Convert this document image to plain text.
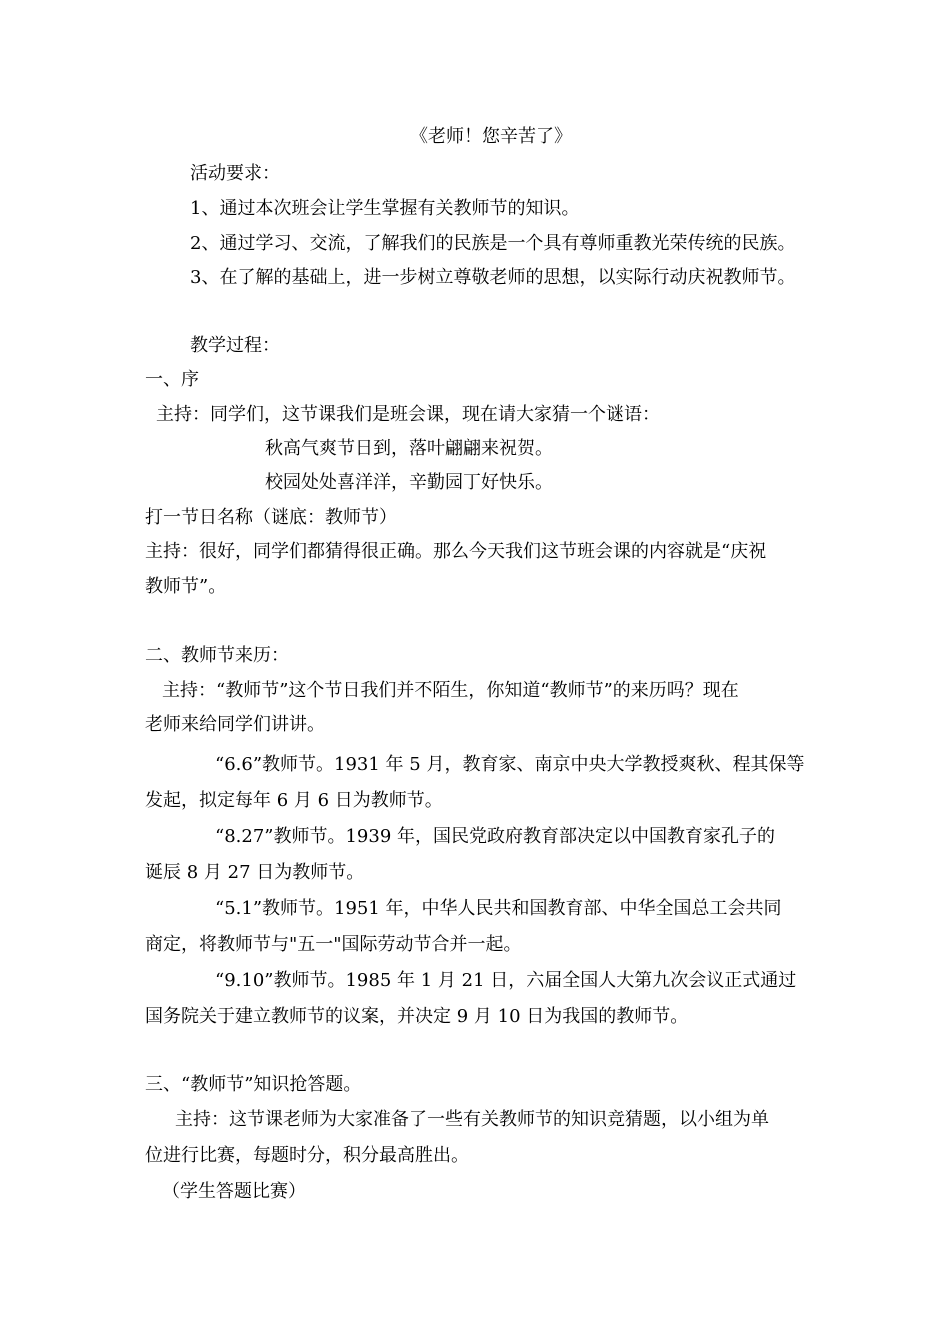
《老师！您辛苦了》
活动要求：
1、通过本次班会让学生掌握有关教师节的知识。
2、通过学习、交流，了解我们的民族是一个具有尊师重教光荣传统的民族。
3、在了解的基础上，进一步树立尊敬老师的思想，以实际行动庆祝教师节。
教学过程：
一、序
主持：同学们，这节课我们是班会课，现在请大家猜一个谜语：
秋高气爽节日到，落叶翩翩来祝贺。
校园处处喜洋洋，辛勤园丁好快乐。
打一节日名称（谜底：教师节）
主持：很好，同学们都猜得很正确。那么今天我们这节班会课的内容就是“庆祝
教师节”。
二、教师节来历：
主持：“教师节”这个节日我们并不陌生，你知道“教师节”的来历吗？现在
老师来给同学们讲讲。
“6.6”教师节。1931 年 5 月，教育家、南京中央大学教授爽秋、程其保等
发起，拟定每年 6 月 6 日为教师节。
“8.27”教师节。1939 年，国民党政府教育部决定以中国教育家孔子的
诞辰 8 月 27 日为教师节。
“5.1”教师节。1951 年，中华人民共和国教育部、中华全国总工会共同
商定，将教师节与"五一"国际劳动节合并一起。
“9.10”教师节。1985 年 1 月 21 日，六届全国人大第九次会议正式通过
国务院关于建立教师节的议案，并决定 9 月 10 日为我国的教师节。
三、“教师节”知识抢答题。
主持：这节课老师为大家准备了一些有关教师节的知识竞猜题，以小组为单
位进行比赛，每题时分，积分最高胜出。
（学生答题比赛）
